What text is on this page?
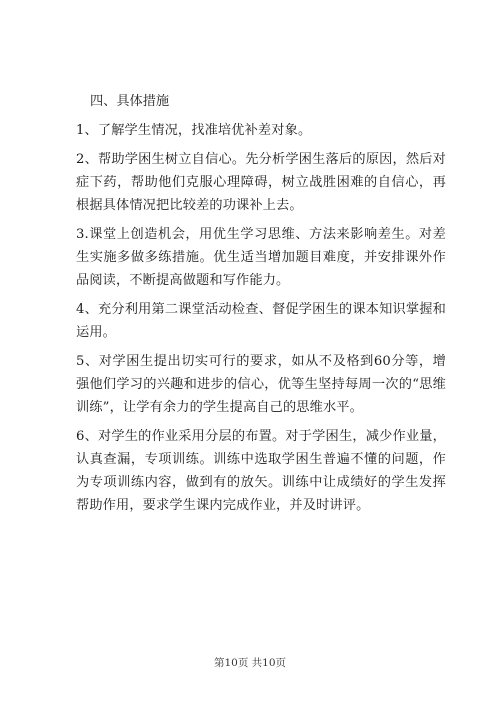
四、具体措施

1、了解学生情况，找准培优补差对象。

2、帮助学困生树立自信心。先分析学困生落后的原因，然后对症下药，帮助他们克服心理障碍，树立战胜困难的自信心，再根据具体情况把比较差的功课补上去。

3.课堂上创造机会，用优生学习思维、方法来影响差生。对差生实施多做多练措施。优生适当增加题目难度，并安排课外作品阅读，不断提高做题和写作能力。

4、充分利用第二课堂活动检查、督促学困生的课本知识掌握和运用。

5、对学困生提出切实可行的要求，如从不及格到60分等，增强他们学习的兴趣和进步的信心，优等生坚持每周一次的“思维训练”，让学有余力的学生提高自己的思维水平。

6、对学生的作业采用分层的布置。对于学困生，减少作业量，认真查漏，专项训练。训练中选取学困生普遍不懂的问题，作为专项训练内容，做到有的放矢。训练中让成绩好的学生发挥帮助作用，要求学生课内完成作业，并及时讲评。

第10页 共10页
